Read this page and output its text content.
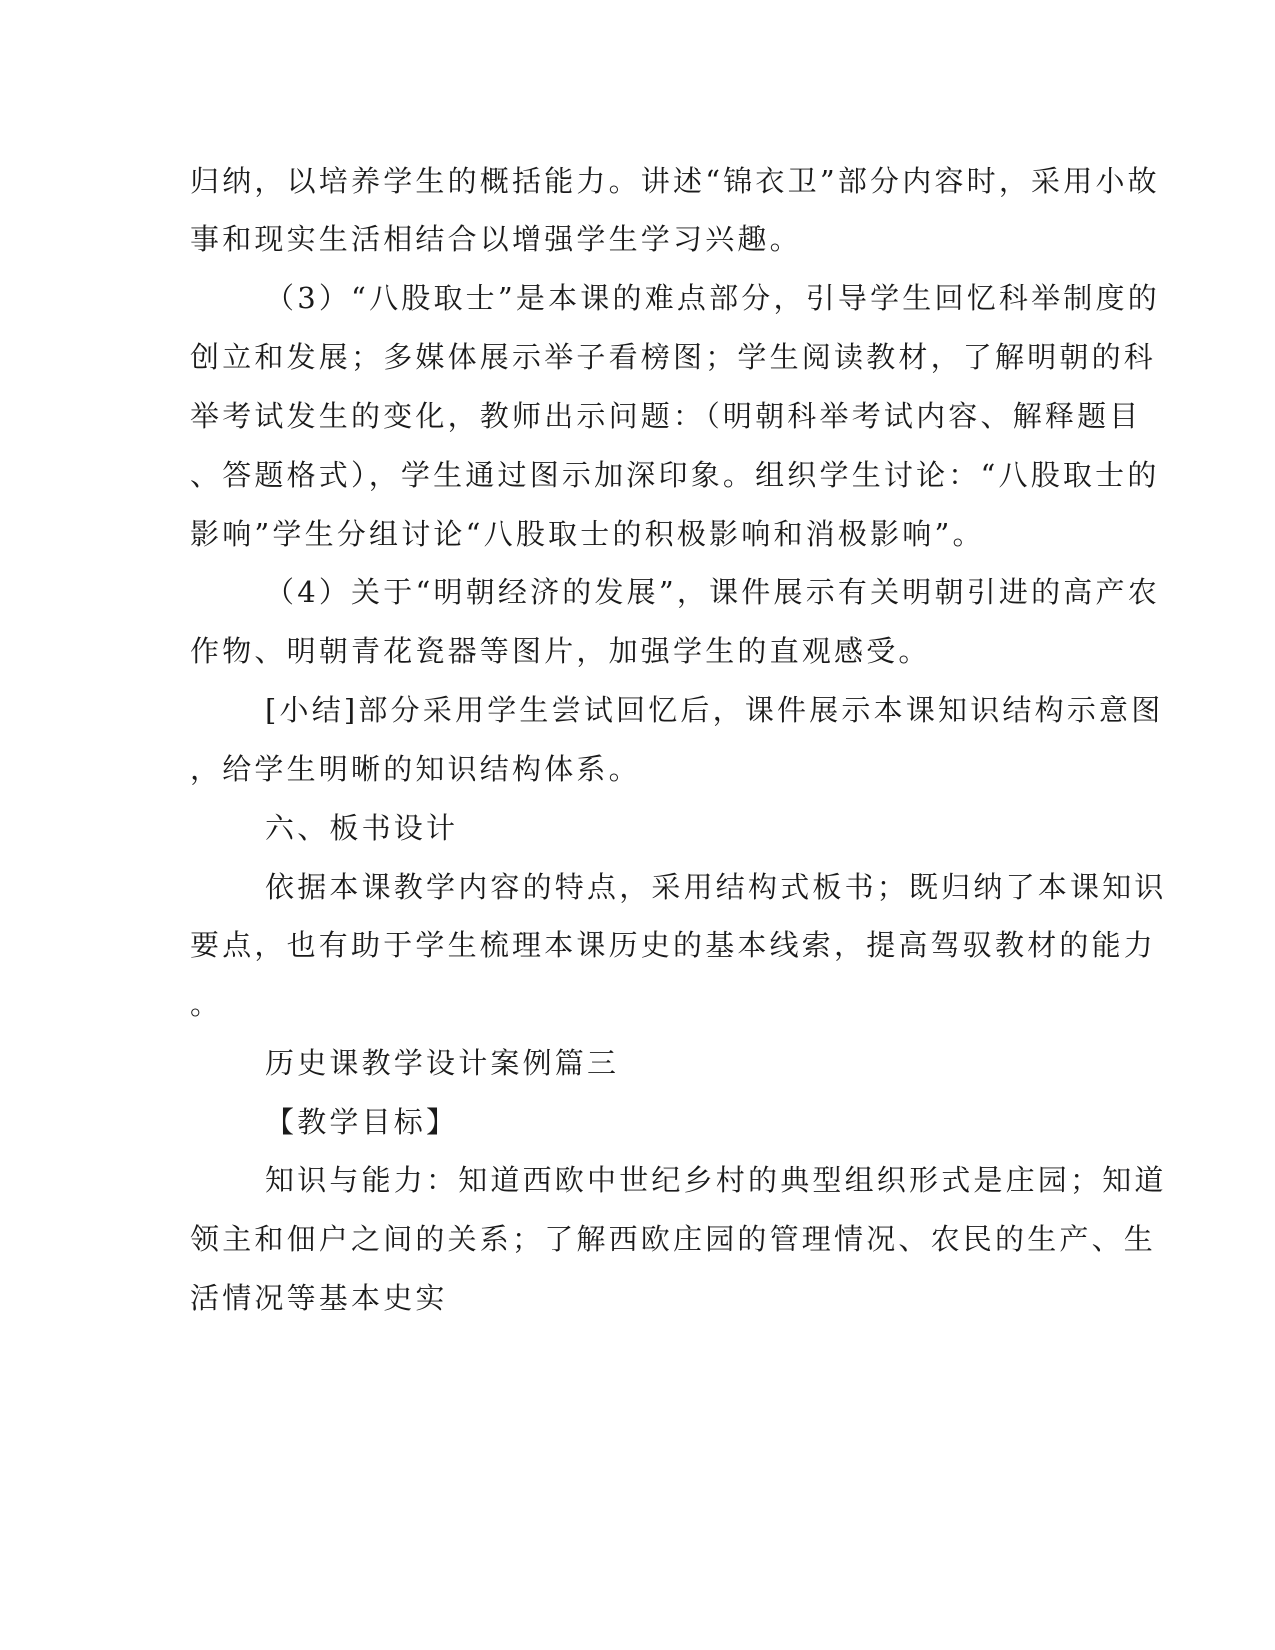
归纳，以培养学生的概括能力。讲述“锦衣卫”部分内容时，采用小故
事和现实生活相结合以增强学生学习兴趣。
（3）“八股取士”是本课的难点部分，引导学生回忆科举制度的
创立和发展；多媒体展示举子看榜图；学生阅读教材，了解明朝的科
举考试发生的变化，教师出示问题：（明朝科举考试内容、解释题目
、答题格式），学生通过图示加深印象。组织学生讨论：“八股取士的
影响”学生分组讨论“八股取士的积极影响和消极影响”。
（4）关于“明朝经济的发展”，课件展示有关明朝引进的高产农
作物、明朝青花瓷器等图片，加强学生的直观感受。
[小结]部分采用学生尝试回忆后，课件展示本课知识结构示意图
，给学生明晰的知识结构体系。
六、板书设计
依据本课教学内容的特点，采用结构式板书；既归纳了本课知识
要点，也有助于学生梳理本课历史的基本线索，提高驾驭教材的能力
。
历史课教学设计案例篇三
【教学目标】
知识与能力：知道西欧中世纪乡村的典型组织形式是庄园；知道
领主和佃户之间的关系；了解西欧庄园的管理情况、农民的生产、生
活情况等基本史实
